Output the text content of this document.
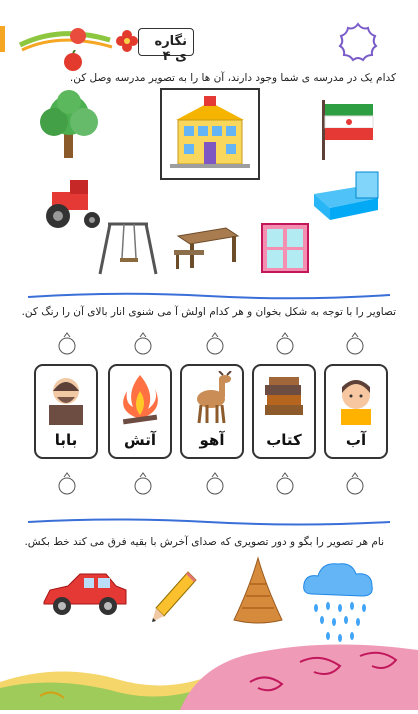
نگاره ی ۴
کدام یک در مدرسه ی شما وجود دارند، آن ها را به تصویر مدرسه وصل کن.
تصاویر را با توجه به شکل بخوان و هر کدام اولش آ می شنوی انار بالای آن را رنگ کن.
بابا	آتش	آهو	کتاب	آب
نام هر تصویر را بگو و دور تصویری که صدای آخرش با بقیه فرق می کند خط بکش.
